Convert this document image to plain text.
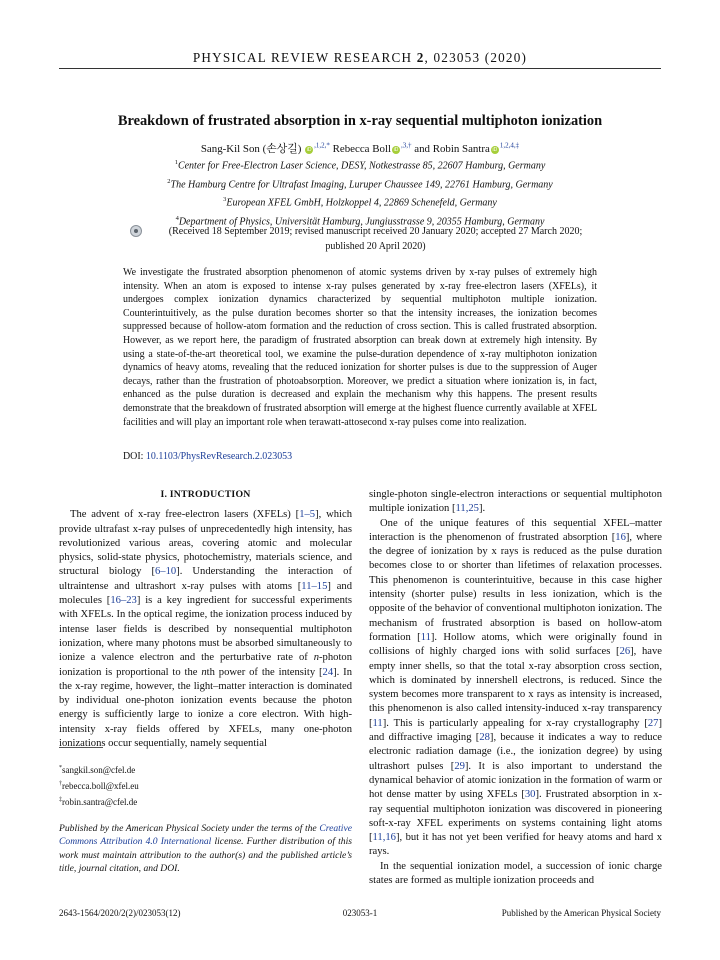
PHYSICAL REVIEW RESEARCH 2, 023053 (2020)
Breakdown of frustrated absorption in x-ray sequential multiphoton ionization
Sang-Kil Son (손상길) $iD^{,1,2,*}$ Rebecca Boll $iD^{,3,\dagger}$ and Robin Santra $iD^{1,2,4,\ddagger}$
$^1$Center for Free-Electron Laser Science, DESY, Notkestrasse 85, 22607 Hamburg, Germany
$^2$The Hamburg Centre for Ultrafast Imaging, Luruper Chaussee 149, 22761 Hamburg, Germany
$^3$European XFEL GmbH, Holzkoppel 4, 22869 Schenefeld, Germany
$^4$Department of Physics, Universität Hamburg, Jungiusstrasse 9, 20355 Hamburg, Germany
(Received 18 September 2019; revised manuscript received 20 January 2020; accepted 27 March 2020; published 20 April 2020)
We investigate the frustrated absorption phenomenon of atomic systems driven by x-ray pulses of extremely high intensity. When an atom is exposed to intense x-ray pulses generated by x-ray free-electron lasers (XFELs), it undergoes complex ionization dynamics characterized by sequential multiphoton multiple ionization. Counterintuitively, as the pulse duration becomes shorter so that the intensity increases, the ionization becomes suppressed because of hollow-atom formation and the reduction of cross section. This is called frustrated absorption. However, as we report here, the paradigm of frustrated absorption can break down at extremely high intensity. By using a state-of-the-art theoretical tool, we examine the pulse-duration dependence of x-ray multiphoton ionization dynamics of heavy atoms, revealing that the reduced ionization for shorter pulses is due to the suppression of Auger decays, rather than the frustration of photoabsorption. Moreover, we predict a situation where ionization is, in fact, enhanced as the pulse duration is decreased and explain the mechanism why this happens. The present results demonstrate that the breakdown of frustrated absorption will emerge at the highest fluence currently available at XFEL facilities and will play an important role when terawatt-attosecond x-ray pulses come into realization.
DOI: 10.1103/PhysRevResearch.2.023053
I. INTRODUCTION

The advent of x-ray free-electron lasers (XFELs) [1–5], which provide ultrafast x-ray pulses of unprecedentedly high intensity, has revolutionized various areas, covering atomic and molecular physics, solid-state physics, photochemistry, materials science, and structural biology [6–10]. Understanding the interaction of ultraintense and ultrashort x-ray pulses with atoms [11–15] and molecules [16–23] is a key ingredient for successful experiments with XFELs. In the optical regime, the ionization process induced by intense laser fields is described by nonsequential multiphoton ionization, where many photons must be absorbed simultaneously to ionize a valence electron and the perturbative rate of n-photon ionization is proportional to the nth power of the intensity [24]. In the x-ray regime, however, the light–matter interaction is dominated by individual one-photon ionization events because the photon energy is sufficiently large to ionize a core electron. With high-intensity x-ray fields offered by XFELs, many one-photon ionizations occur sequentially, namely sequential

single-photon single-electron interactions or sequential multiphoton multiple ionization [11,25].

One of the unique features of this sequential XFEL–matter interaction is the phenomenon of frustrated absorption [16], where the degree of ionization by x rays is reduced as the pulse duration becomes close to or shorter than lifetimes of relaxation processes. This phenomenon is counterintuitive, because in this case higher intensity (shorter pulse) results in less ionization, which is the opposite of the behavior of conventional multiphoton ionization. The mechanism of frustrated absorption is based on hollow-atom formation [11]. Hollow atoms, which were originally found in collisions of highly charged ions with solid surfaces [26], have empty inner shells, so that the total x-ray absorption cross section, which is dominated by innershell electrons, is reduced. Since the system becomes more transparent to x rays as intensity is increased, this phenomenon is also called intensity-induced x-ray transparency [11]. This is particularly appealing for x-ray crystallography [27] and diffractive imaging [28], because it indicates a way to reduce electronic radiation damage (i.e., the ionization degree) by using ultrashort pulses [29]. It is also important to understand the dynamical behavior of atomic ionization in the formation of warm or hot dense matter by using XFELs [30]. Frustrated absorption in x-ray sequential multiphoton ionization was discovered in pioneering soft-x-ray XFEL experiments on systems containing light atoms [11,16], but it has not yet been verified for heavy atoms and hard x rays.

In the sequential ionization model, a succession of ionic charge states are formed as multiple ionization proceeds and

*sangkil.son@cfel.de
†rebecca.boll@xfel.eu
‡robin.santra@cfel.de
Published by the American Physical Society under the terms of the Creative Commons Attribution 4.0 International license. Further distribution of this work must maintain attribution to the author(s) and the published article’s title, journal citation, and DOI.
2643-1564/2020/2(2)/023053(12)	023053-1	Published by the American Physical Society
